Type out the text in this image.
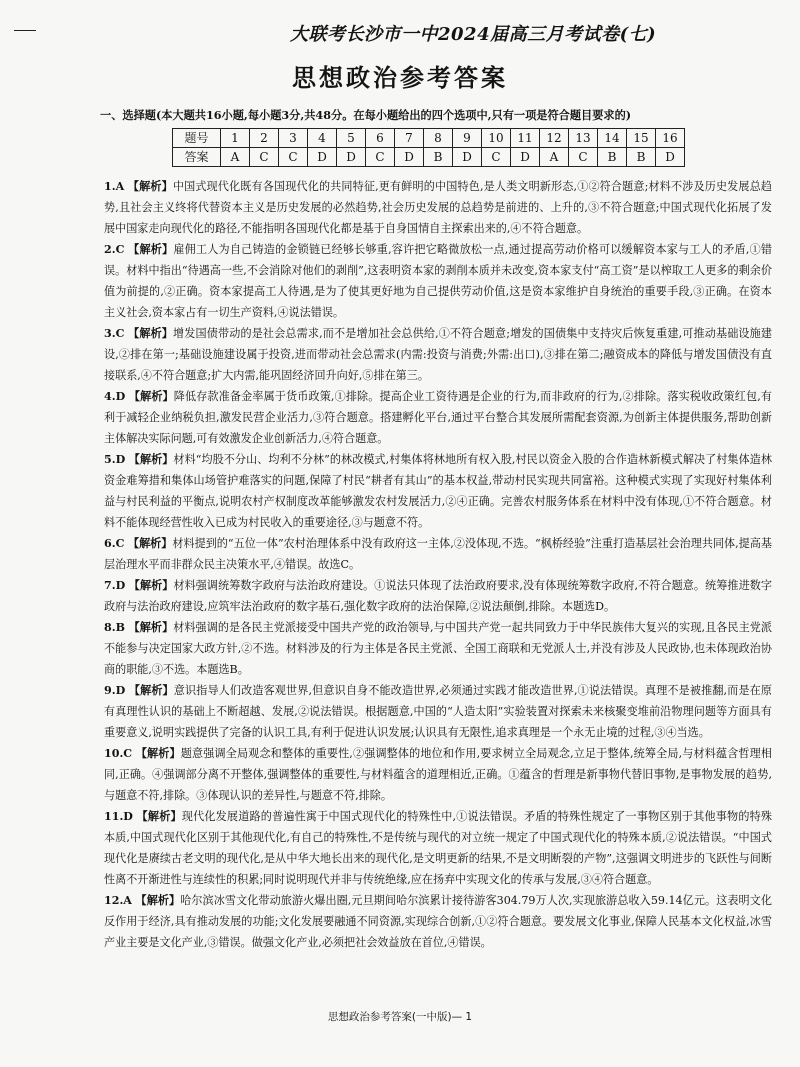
大联考长沙市一中2024届高三月考试卷(七)
思想政治参考答案
一、选择题(本大题共16小题,每小题3分,共48分。在每小题给出的四个选项中,只有一项是符合题目要求的)
题号	1	2	3	4	5	6	7	8	9	10	11	12	13	14	15	16
答案	A	C	C	D	D	C	D	B	D	C	D	A	C	B	B	D

1.A 【解析】中国式现代化既有各国现代化的共同特征,更有鲜明的中国特色,是人类文明新形态,①②符合题意;材料不涉及历史发展总趋势,且社会主义终将代替资本主义是历史发展的必然趋势,社会历史发展的总趋势是前进的、上升的,③不符合题意;中国式现代化拓展了发展中国家走向现代化的路径,不能指明各国现代化都是基于自身国情自主探索出来的,④不符合题意。

2.C 【解析】雇佣工人为自己铸造的金锁链已经够长够重,容许把它略微放松一点,通过提高劳动价格可以缓解资本家与工人的矛盾,①错误。材料中指出“待遇高一些,不会消除对他们的剥削”,这表明资本家的剥削本质并未改变,资本家支付“高工资”是以榨取工人更多的剩余价值为前提的,②正确。资本家提高工人待遇,是为了使其更好地为自己提供劳动价值,这是资本家维护自身统治的重要手段,③正确。在资本主义社会,资本家占有一切生产资料,④说法错误。

3.C 【解析】增发国债带动的是社会总需求,而不是增加社会总供给,①不符合题意;增发的国债集中支持灾后恢复重建,可推动基础设施建设,②排在第一;基础设施建设属于投资,进而带动社会总需求(内需:投资与消费;外需:出口),③排在第二;融资成本的降低与增发国债没有直接联系,④不符合题意;扩大内需,能巩固经济回升向好,⑤排在第三。

4.D 【解析】降低存款准备金率属于货币政策,①排除。提高企业工资待遇是企业的行为,而非政府的行为,②排除。落实税收政策红包,有利于减轻企业纳税负担,激发民营企业活力,③符合题意。搭建孵化平台,通过平台整合其发展所需配套资源,为创新主体提供服务,帮助创新主体解决实际问题,可有效激发企业创新活力,④符合题意。

5.D 【解析】材料“均股不分山、均利不分林”的林改模式,村集体将林地所有权入股,村民以资金入股的合作造林新模式解决了村集体造林资金难筹措和集体山场管护难落实的问题,保障了村民“耕者有其山”的基本权益,带动村民实现共同富裕。这种模式实现了实现好村集体利益与村民利益的平衡点,说明农村产权制度改革能够激发农村发展活力,②④正确。完善农村服务体系在材料中没有体现,①不符合题意。材料不能体现经营性收入已成为村民收入的重要途径,③与题意不符。

6.C 【解析】材料提到的“五位一体”农村治理体系中没有政府这一主体,②没体现,不选。“枫桥经验”注重打造基层社会治理共同体,提高基层治理水平而非群众民主决策水平,④错误。故选C。

7.D 【解析】材料强调统筹数字政府与法治政府建设。①说法只体现了法治政府要求,没有体现统筹数字政府,不符合题意。统筹推进数字政府与法治政府建设,应筑牢法治政府的数字基石,强化数字政府的法治保障,②说法颠倒,排除。本题选D。

8.B 【解析】材料强调的是各民主党派接受中国共产党的政治领导,与中国共产党一起共同致力于中华民族伟大复兴的实现,且各民主党派不能参与决定国家大政方针,②不选。材料涉及的行为主体是各民主党派、全国工商联和无党派人士,并没有涉及人民政协,也未体现政治协商的职能,③不选。本题选B。

9.D 【解析】意识指导人们改造客观世界,但意识自身不能改造世界,必须通过实践才能改造世界,①说法错误。真理不是被推翻,而是在原有真理性认识的基础上不断超越、发展,②说法错误。根据题意,中国的“人造太阳”实验装置对探索未来核聚变堆前沿物理问题等方面具有重要意义,说明实践提供了完备的认识工具,有利于促进认识发展;认识具有无限性,追求真理是一个永无止境的过程,③④当选。

10.C 【解析】题意强调全局观念和整体的重要性,②强调整体的地位和作用,要求树立全局观念,立足于整体,统筹全局,与材料蕴含哲理相同,正确。④强调部分离不开整体,强调整体的重要性,与材料蕴含的道理相近,正确。①蕴含的哲理是新事物代替旧事物,是事物发展的趋势,与题意不符,排除。③体现认识的差异性,与题意不符,排除。

11.D 【解析】现代化发展道路的普遍性寓于中国式现代化的特殊性中,①说法错误。矛盾的特殊性规定了一事物区别于其他事物的特殊本质,中国式现代化区别于其他现代化,有自己的特殊性,不是传统与现代的对立统一规定了中国式现代化的特殊本质,②说法错误。“中国式现代化是赓续古老文明的现代化,是从中华大地长出来的现代化,是文明更新的结果,不是文明断裂的产物”,这强调文明进步的飞跃性与间断性离不开渐进性与连续性的积累;同时说明现代并非与传统绝缘,应在扬弃中实现文化的传承与发展,③④符合题意。

12.A 【解析】哈尔滨冰雪文化带动旅游火爆出圈,元旦期间哈尔滨累计接待游客304.79万人次,实现旅游总收入59.14亿元。这表明文化反作用于经济,具有推动发展的功能;文化发展要融通不同资源,实现综合创新,①②符合题意。要发展文化事业,保障人民基本文化权益,冰雪产业主要是文化产业,③错误。做强文化产业,必须把社会效益放在首位,④错误。

思想政治参考答案(一中版)— 1
